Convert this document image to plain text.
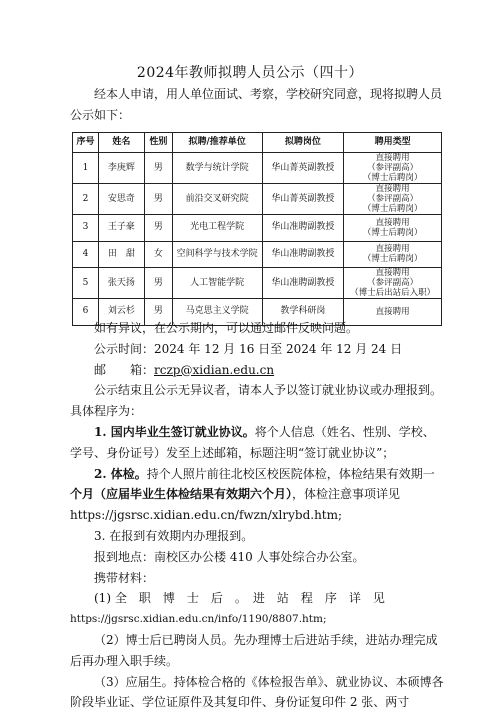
2024年教师拟聘人员公示（四十）
经本人申请，用人单位面试、考察，学校研究同意，现将拟聘人员公示如下：
序号	姓名	性别	拟聘/推荐单位	拟聘岗位	聘用类型
1	李庚辉	男	数学与统计学院	华山菁英副教授	直接聘用
（参评副高）
（博士后聘岗）

2	安思奇	男	前沿交叉研究院	华山菁英副教授	直接聘用
（参评副高）
（博士后聘岗）

3	王子豪	男	光电工程学院	华山准聘副教授	直接聘用
（博士后聘岗）

4	田　甜	女	空间科学与技术学院	华山准聘副教授	直接聘用
（博士后聘岗）

5	张天扬	男	人工智能学院	华山准聘副教授	直接聘用
（参评副高）
（博士后出站后入职）

6	刘云杉	男	马克思主义学院	教学科研岗	直接聘用

如有异议，在公示期内，可以通过邮件反映问题。

公示时间：2024 年 12 月 16 日至 2024 年 12 月 24 日

邮　　箱：rczp@xidian.edu.cn

公示结束且公示无异议者，请本人予以签订就业协议或办理报到。具体程序为：

1. 国内毕业生签订就业协议。将个人信息（姓名、性别、学校、学号、身份证号）发至上述邮箱，标题注明“签订就业协议”；

2. 体检。持个人照片前往北校区校医院体检，体检结果有效期一个月（应届毕业生体检结果有效期六个月），体检注意事项详见 https://jgsrsc.xidian.edu.cn/fwzn/xlrybd.htm;

3. 在报到有效期内办理报到。

报到地点：南校区办公楼 410 人事处综合办公室。

携带材料：

(1) 全　职　博　士　后　。　进　站　程　序　详　见

https://jgsrsc.xidian.edu.cn/info/1190/8807.htm;

（2）博士后已聘岗人员。先办理博士后进站手续，进站办理完成后再办理入职手续。

（3）应届生。持体检合格的《体检报告单》、就业协议、本硕博各阶段毕业证、学位证原件及其复印件、身份证复印件 2 张、两寸
